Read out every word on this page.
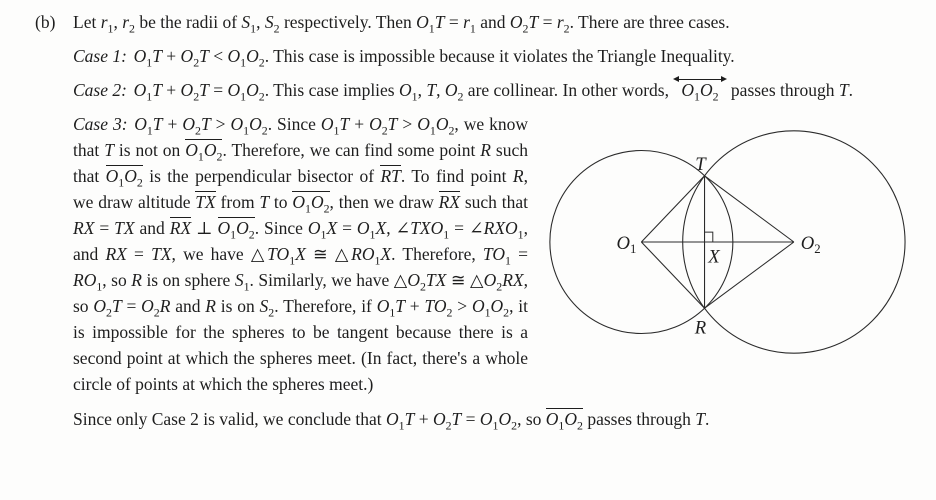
(b)	Let $r_1$, $r_2$ be the radii of $S_1$, $S_2$ respectively. Then $O_1T = r_1$ and $O_2T = r_2$. There are three cases.

Case 1: $O_1T + O_2T < O_1O_2$. This case is impossible because it violates the Triangle Inequality.

Case 2: $O_1T + O_2T = O_1O_2$. This case implies $O_1$, T, $O_2$ are collinear. In other words, $O_1O_2$ passes through T.

T
R
X
$O_1$	$O_2$
Case 3: $O_1T + O_2T > O_1O_2$. Since $O_1T + O_2T > O_1O_2$, we know that T is not on $O_1O_2$. Therefore, we can find some point R such that $O_1O_2$ is the perpendicular bisector of RT. To find point R, we draw altitude TX from T to $O_1O_2$, then we draw RX such that RX = TX and RX ⊥ $O_1O_2$. Since $O_1X = O_1X$, $\angle TXO_1$ = $\angle RXO_1$, and RX = TX, we have $\triangle TO_1X$ ≅ $\triangle RO_1X$. Therefore, $TO_1 = RO_1$, so R is on sphere $S_1$. Similarly, we have $\triangle O_2TX$ ≅ $\triangle O_2RX$, so $O_2T = O_2R$ and R is on $S_2$. Therefore, if $O_1T + TO_2 > O_1O_2$, it is impossible for the spheres to be tangent because there is a second point at which the spheres meet. (In fact, there's a whole circle of points at which the spheres meet.)

Since only Case 2 is valid, we conclude that $O_1T + O_2T = O_1O_2$, so $O_1O_2$ passes through T.
